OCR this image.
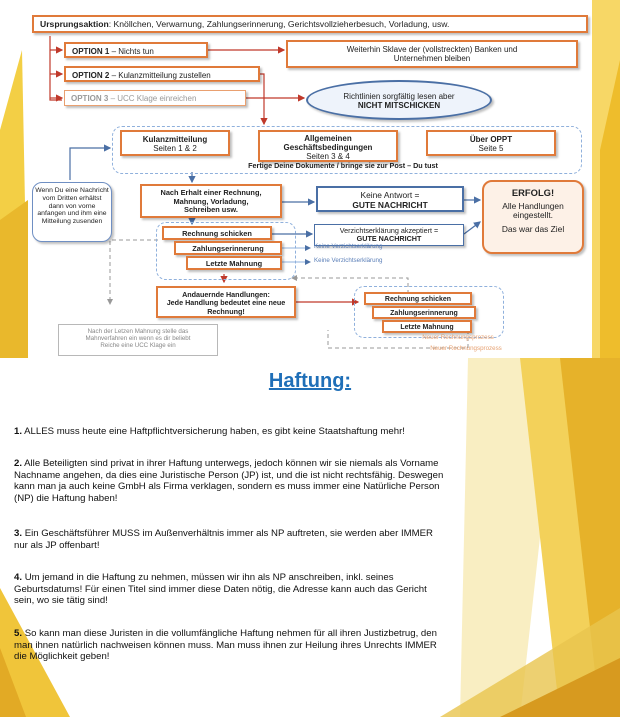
Ursprungsaktion: Knöllchen, Verwarnung, Zahlungserinnerung, Gerichtsvollzieherbesuch, Vorladung, usw.
OPTION 1 – Nichts tun	Weiterhin Sklave der (vollstreckten) Banken und
Unternehmen bleiben
OPTION 2 – Kulanzmitteilung zustellen
OPTION 3 – UCC Klage einreichen	Richtlinien sorgfältig lesen aber
NICHT MITSCHICKEN
Kulanzmitteilung
Seiten 1 & 2
Allgemeinen
Geschäftsbedingungen
Seiten 3 & 4
Über OPPT
Seite 5
Fertige Deine Dokumente / bringe sie zur Post – Du tust
Wenn Du eine Nachricht
vom Dritten erhältst
dann von vorne
anfangen und ihm eine
Mitteilung zusenden
Nach Erhalt einer Rechnung,
Mahnung, Vorladung,
Schreiben usw.
Keine Antwort =
GUTE NACHRICHT
ERFOLG!
Alle Handlungen
eingestellt.
Das war das Ziel
Rechnung schicken
Zahlungserinnerung
Letzte Mahnung
Verzichtserklärung akzeptiert =
GUTE NACHRICHT
Keine Verzichtserklärung
Keine Verzichtserklärung
Andauernde Handlungen:
Jede Handlung bedeutet eine neue
Rechnung!
Rechnung schicken
Zahlungserinnerung
Letzte Mahnung
Neuer Rechnungsprozess
Neuer Rechnungsprozess
Nach der Letzen Mahnung stelle das
Mahnverfahren ein wenn es dir beliebt
Reiche eine UCC Klage ein
Haftung:
1. ALLES muss heute eine Haftpflichtversicherung haben, es gibt keine Staatshaftung mehr!
2. Alle Beteiligten sind privat in ihrer Haftung unterwegs, jedoch können wir sie niemals als Vorname
Nachname angehen, da dies eine Juristische Person (JP) ist, und die ist nicht rechtsfähig. Deswegen
kann man ja auch keine GmbH als Firma verklagen, sondern es muss immer eine Natürliche Person
(NP) die Haftung haben!
3. Ein Geschäftsführer MUSS im Außenverhältnis immer als NP auftreten, sie werden aber IMMER
nur als JP offenbart!
4. Um jemand in die Haftung zu nehmen, müssen wir ihn als NP anschreiben, inkl. seines
Geburtsdatums! Für einen Titel sind immer diese Daten nötig, die Adresse kann auch das Gericht
sein, wo sie tätig sind!
5. So kann man diese Juristen in die vollumfängliche Haftung nehmen für all ihren Justizbetrug, den
man ihnen natürlich nachweisen können muss. Man muss ihnen zur Heilung ihres Unrechts IMMER
die Möglichkeit geben!
